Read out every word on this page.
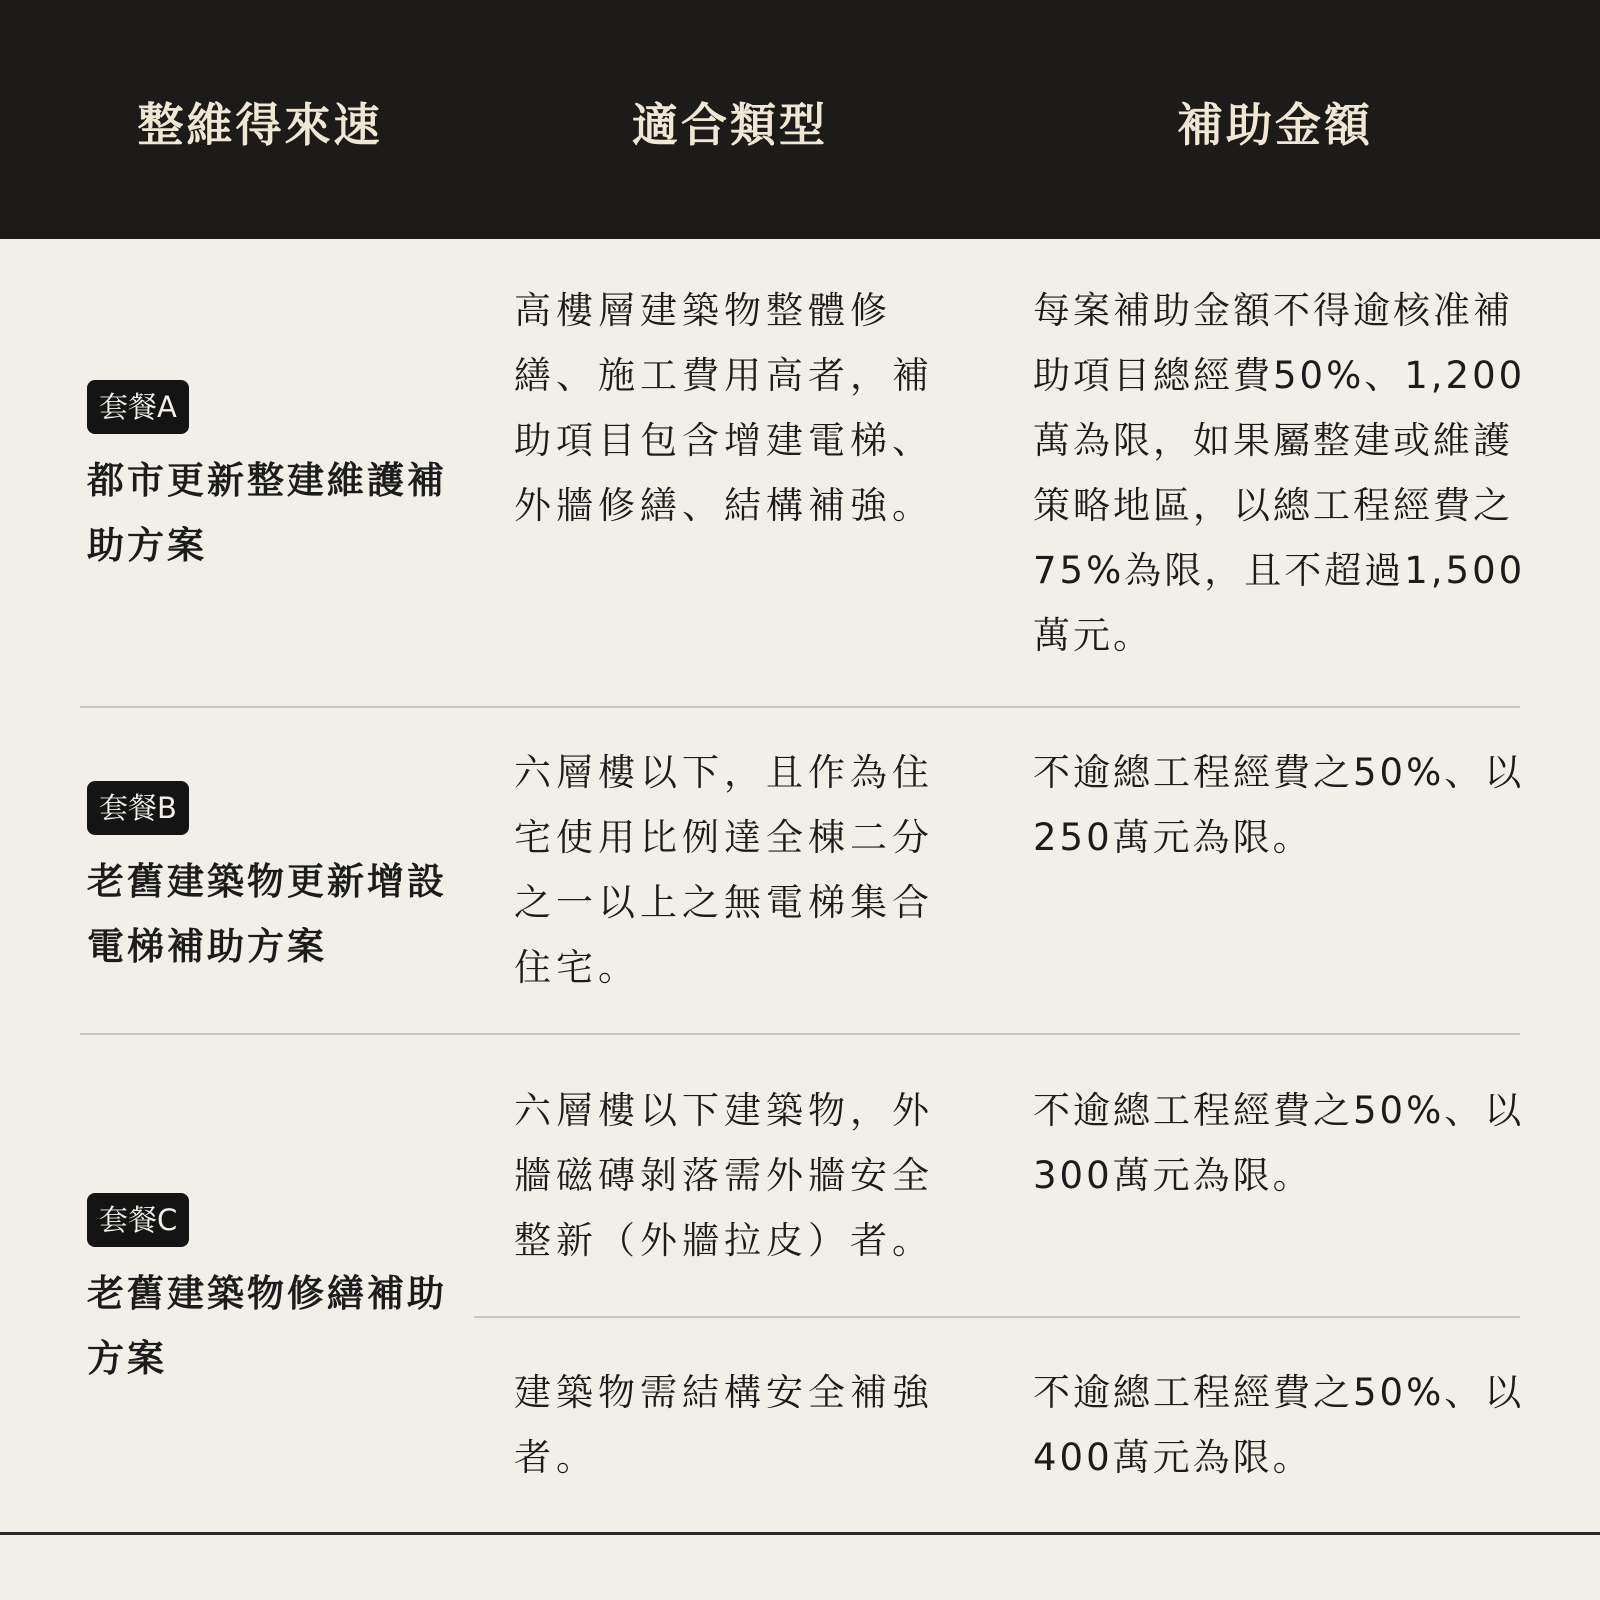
整維得來速	適合類型	補助金額
套餐A
都市更新整建維護補助方案
高樓層建築物整體修繕、施工費用高者，補助項目包含增建電梯、外牆修繕、結構補強。
每案補助金額不得逾核准補助項目總經費50%、1,200萬為限，如果屬整建或維護策略地區，以總工程經費之75%為限，且不超過1,500萬元。
套餐B
老舊建築物更新增設電梯補助方案
六層樓以下，且作為住宅使用比例達全棟二分之一以上之無電梯集合住宅。
不逾總工程經費之50%、以250萬元為限。
套餐C
老舊建築物修繕補助方案
六層樓以下建築物，外牆磁磚剝落需外牆安全整新（外牆拉皮）者。
不逾總工程經費之50%、以300萬元為限。
建築物需結構安全補強者。
不逾總工程經費之50%、以400萬元為限。
